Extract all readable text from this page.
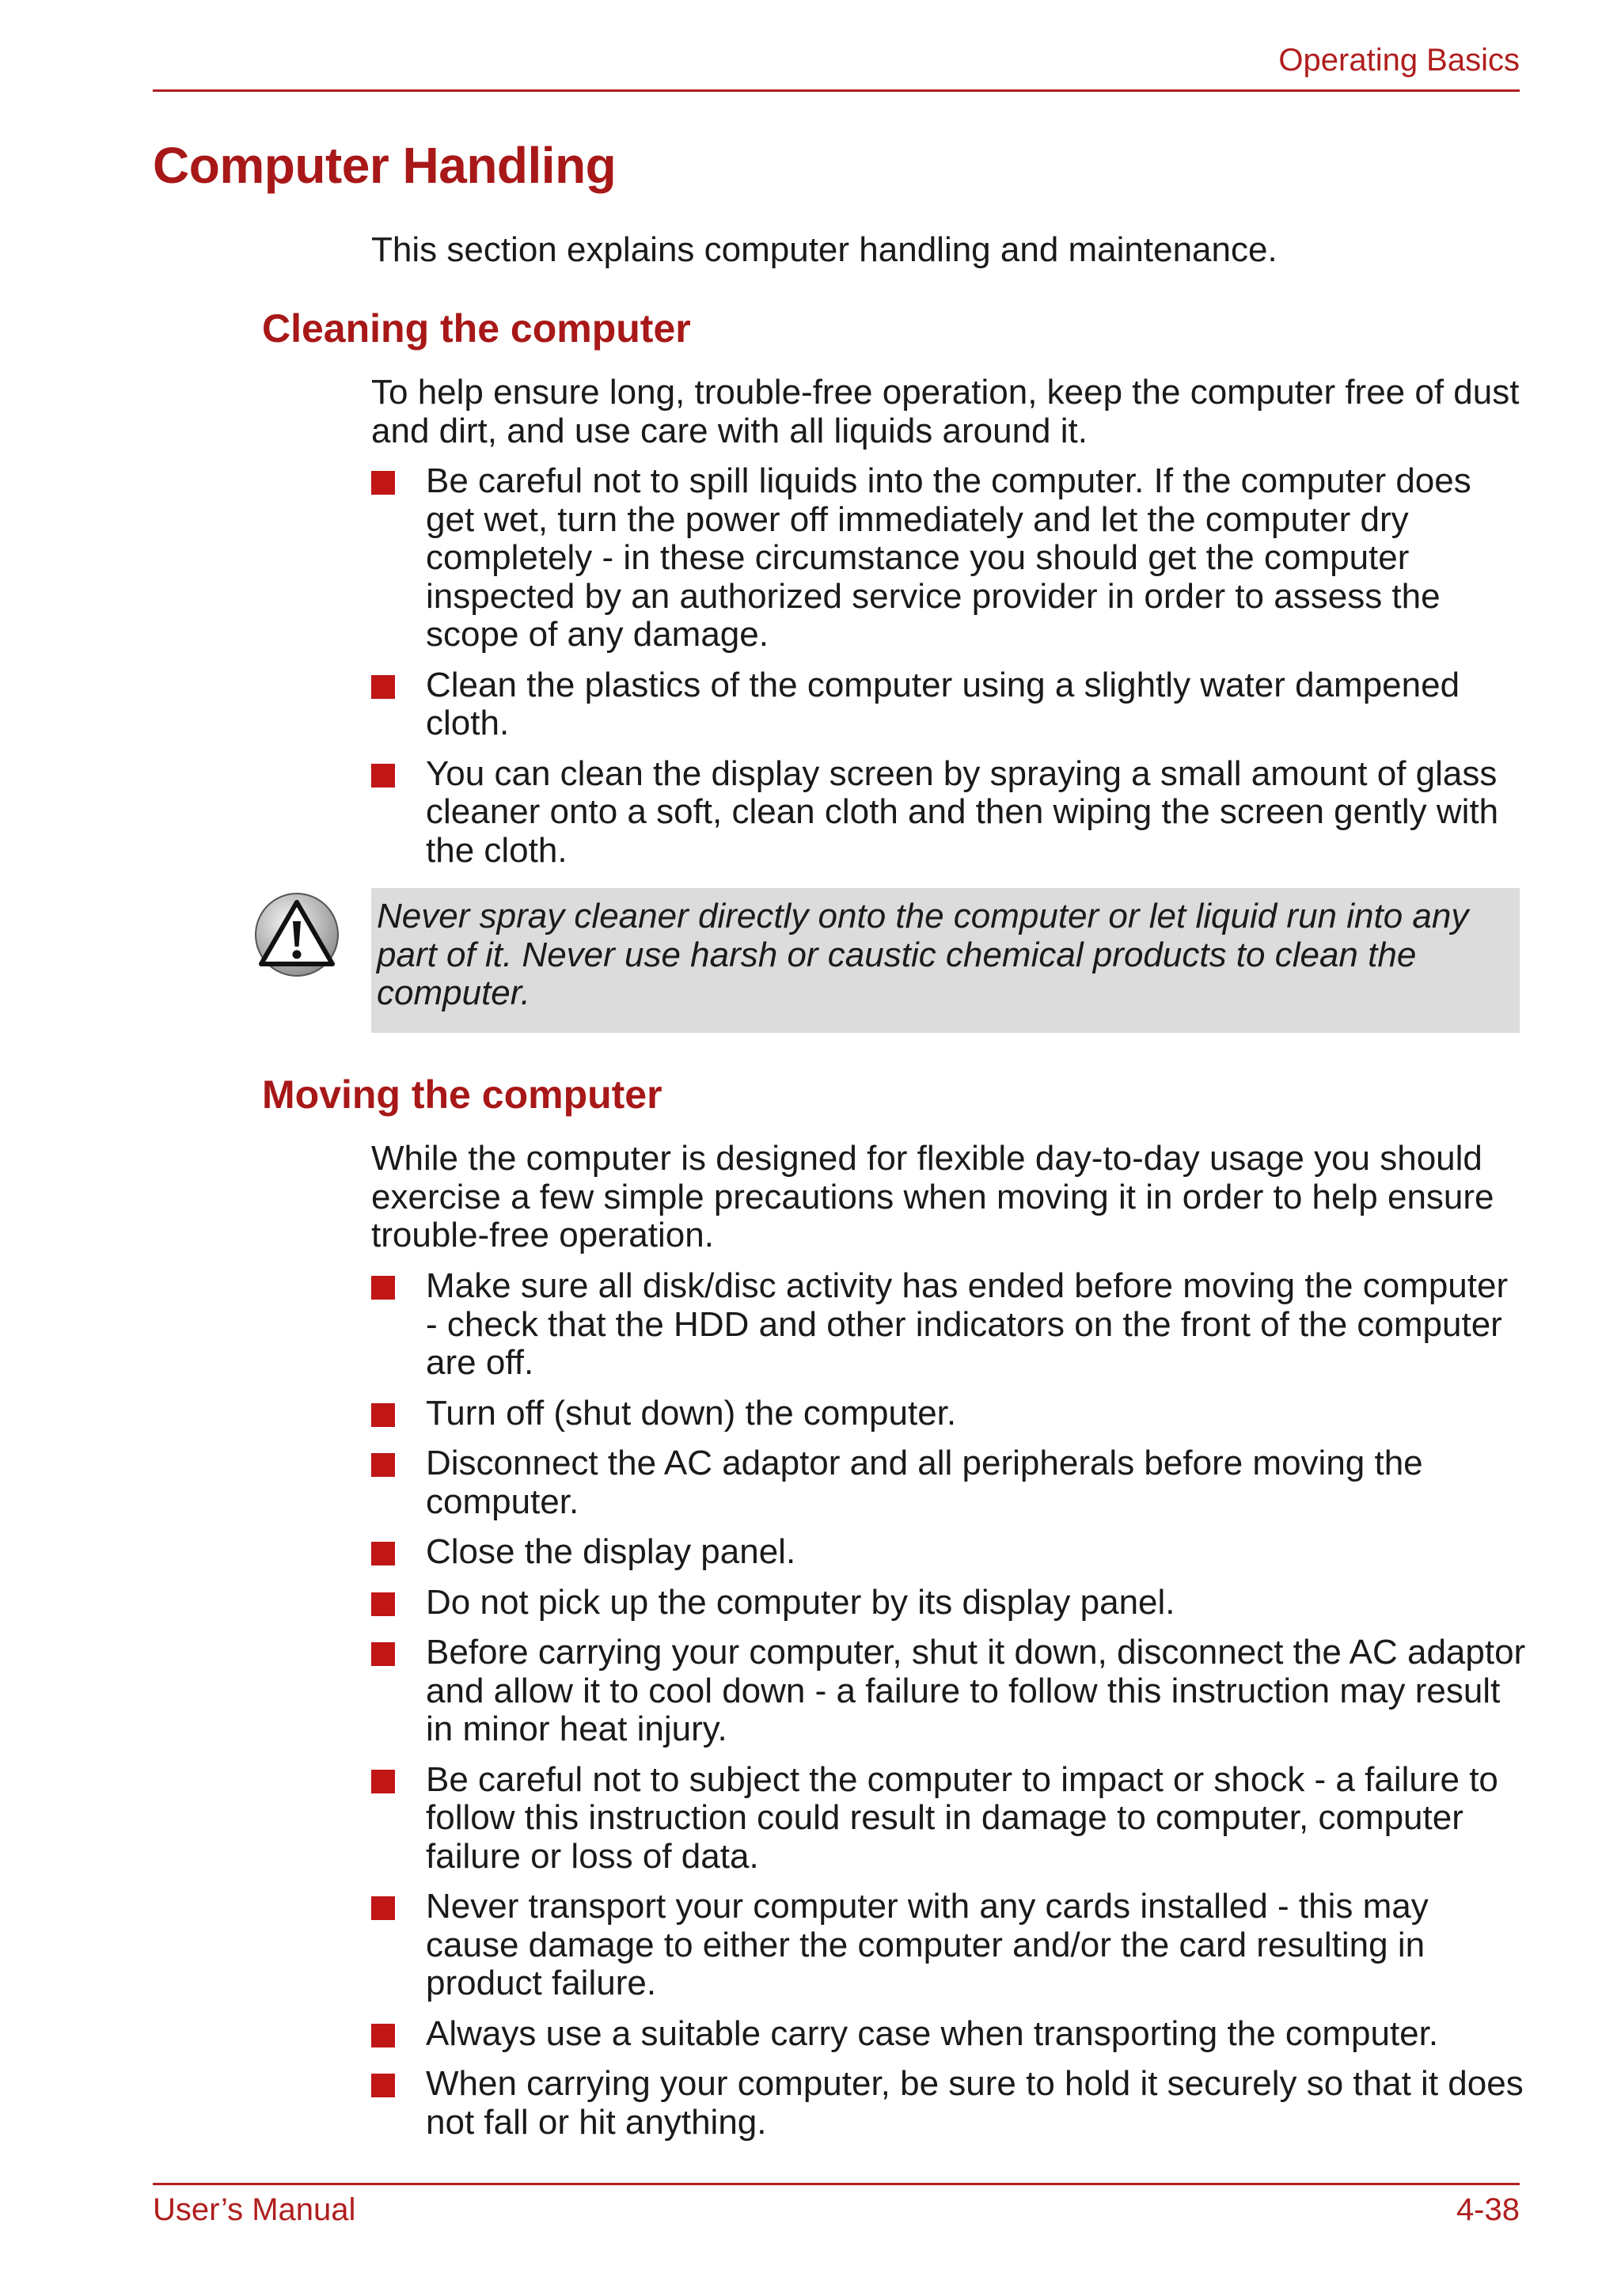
Operating Basics
Computer Handling

This section explains computer handling and maintenance.

Cleaning the computer

To help ensure long, trouble-free operation, keep the computer free of dust and dirt, and use care with all liquids around it.

Be careful not to spill liquids into the computer. If the computer does get wet, turn the power off immediately and let the computer dry completely - in these circumstance you should get the computer inspected by an authorized service provider in order to assess the scope of any damage.
Clean the plastics of the computer using a slightly water dampened cloth.
You can clean the display screen by spraying a small amount of glass cleaner onto a soft, clean cloth and then wiping the screen gently with the cloth.

Never spray cleaner directly onto the computer or let liquid run into any part of it. Never use harsh or caustic chemical products to clean the computer.

Moving the computer

While the computer is designed for flexible day-to-day usage you should exercise a few simple precautions when moving it in order to help ensure trouble-free operation.

Make sure all disk/disc activity has ended before moving the computer - check that the HDD and other indicators on the front of the computer are off.
Turn off (shut down) the computer.
Disconnect the AC adaptor and all peripherals before moving the computer.
Close the display panel.
Do not pick up the computer by its display panel.
Before carrying your computer, shut it down, disconnect the AC adaptor and allow it to cool down - a failure to follow this instruction may result in minor heat injury.
Be careful not to subject the computer to impact or shock - a failure to follow this instruction could result in damage to computer, computer failure or loss of data.
Never transport your computer with any cards installed - this may cause damage to either the computer and/or the card resulting in product failure.
Always use a suitable carry case when transporting the computer.
When carrying your computer, be sure to hold it securely so that it does not fall or hit anything.
User’s Manual	4-38
